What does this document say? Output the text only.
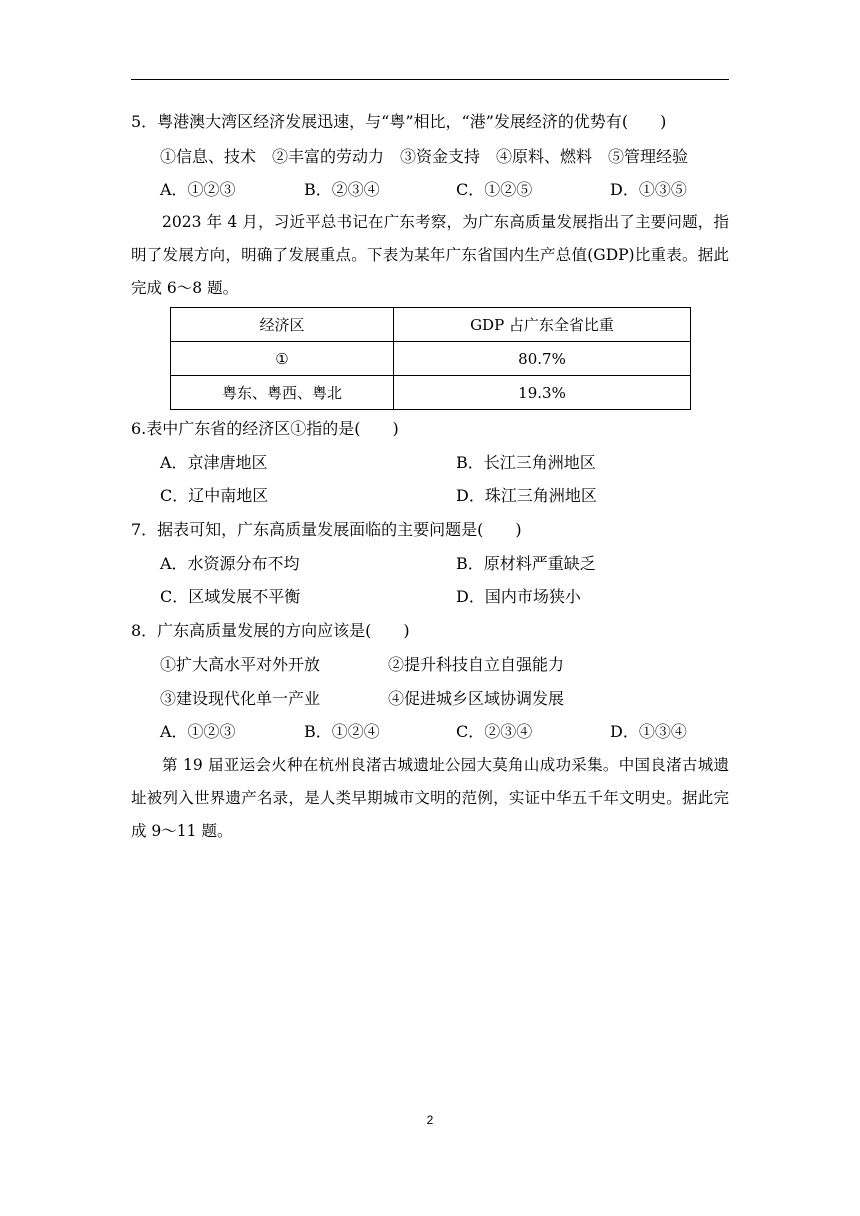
5．粤港澳大湾区经济发展迅速，与“粤”相比，“港”发展经济的优势有(　　)
①信息、技术　②丰富的劳动力　③资金支持　④原料、燃料　⑤管理经验
A．①②③	B．②③④	C．①②⑤	D．①③⑤

2023 年 4 月，习近平总书记在广东考察，为广东高质量发展指出了主要问题，指明了发展方向，明确了发展重点。下表为某年广东省国内生产总值(GDP)比重表。据此完成 6～8 题。

经济区	GDP 占广东全省比重
①	80.7%
粤东、粤西、粤北	19.3%
6.表中广东省的经济区①指的是(　　)
A．京津唐地区	B．长江三角洲地区
C．辽中南地区	D．珠江三角洲地区
7．据表可知，广东高质量发展面临的主要问题是(　　)
A．水资源分布不均	B．原材料严重缺乏
C．区域发展不平衡	D．国内市场狭小
8．广东高质量发展的方向应该是(　　)
①扩大高水平对外开放	②提升科技自立自强能力
③建设现代化单一产业	④促进城乡区域协调发展
A．①②③	B．①②④	C．②③④	D．①③④

第 19 届亚运会火种在杭州良渚古城遗址公园大莫角山成功采集。中国良渚古城遗址被列入世界遗产名录，是人类早期城市文明的范例，实证中华五千年文明史。据此完成 9～11 题。

2
